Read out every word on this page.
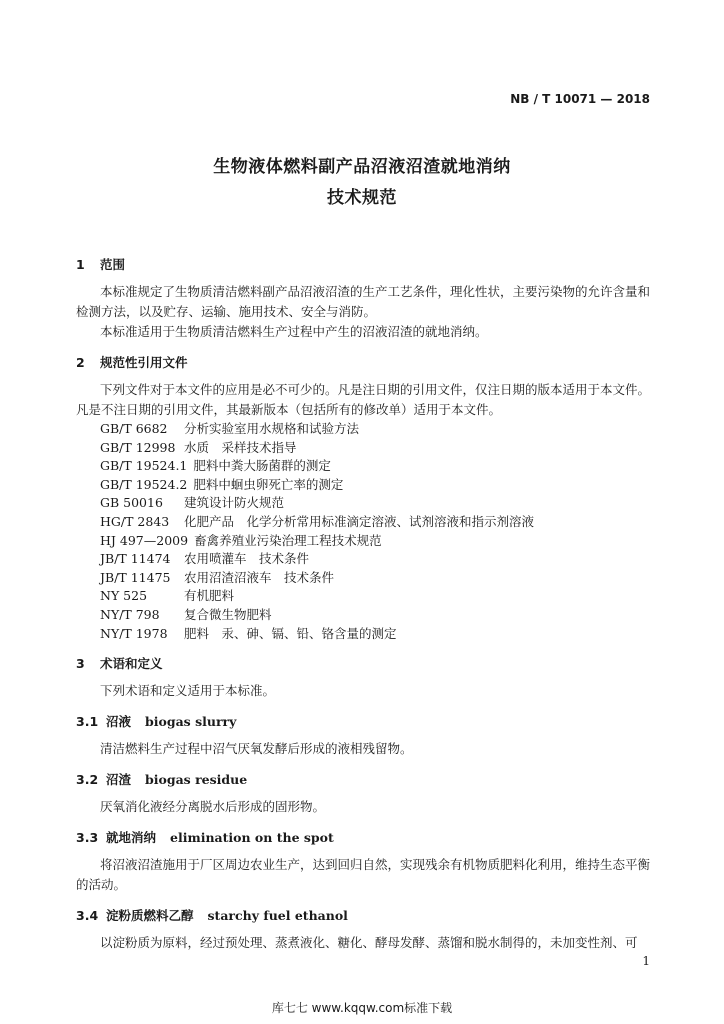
NB / T 10071 — 2018
生物液体燃料副产品沼液沼渣就地消纳
技术规范
1 范围

本标准规定了生物质清洁燃料副产品沼液沼渣的生产工艺条件，理化性状，主要污染物的允许含量和检测方法，以及贮存、运输、施用技术、安全与消防。

本标准适用于生物质清洁燃料生产过程中产生的沼液沼渣的就地消纳。

2 规范性引用文件

下列文件对于本文件的应用是必不可少的。凡是注日期的引用文件，仅注日期的版本适用于本文件。凡是不注日期的引用文件，其最新版本（包括所有的修改单）适用于本文件。

GB/T 6682 分析实验室用水规格和试验方法
GB/T 12998 水质　采样技术指导
GB/T 19524.1 肥料中粪大肠菌群的测定
GB/T 19524.2 肥料中蛔虫卵死亡率的测定
GB 50016 建筑设计防火规范
HG/T 2843 化肥产品　化学分析常用标准滴定溶液、试剂溶液和指示剂溶液
HJ 497—2009 畜禽养殖业污染治理工程技术规范
JB/T 11474 农用喷灌车　技术条件
JB/T 11475 农用沼渣沼液车　技术条件
NY 525	有机肥料
NY/T 798 复合微生物肥料
NY/T 1978 肥料　汞、砷、镉、铅、铬含量的测定
3 术语和定义

下列术语和定义适用于本标准。

3.1 沼液 biogas slurry

清洁燃料生产过程中沼气厌氧发酵后形成的液相残留物。

3.2 沼渣 biogas residue

厌氧消化液经分离脱水后形成的固形物。

3.3 就地消纳 elimination on the spot

将沼液沼渣施用于厂区周边农业生产，达到回归自然，实现残余有机物质肥料化利用，维持生态平衡的活动。

3.4 淀粉质燃料乙醇 starchy fuel ethanol

以淀粉质为原料，经过预处理、蒸煮液化、糖化、酵母发酵、蒸馏和脱水制得的，未加变性剂、可

1
库七七 www.kqqw.com标准下载
